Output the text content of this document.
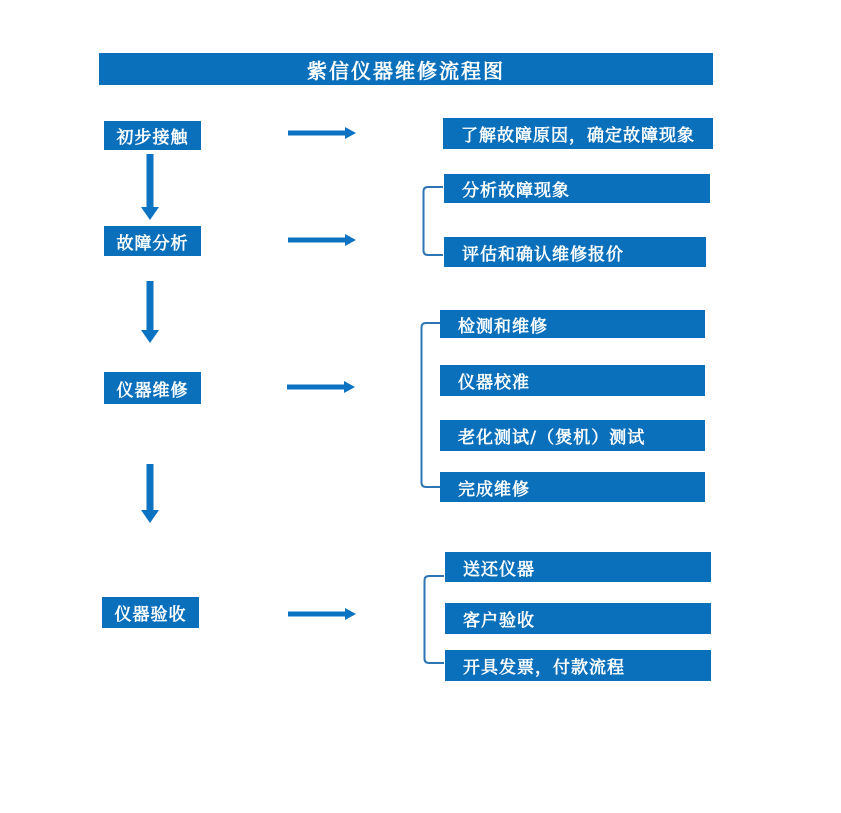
紫信仪器维修流程图
初步接触
故障分析
仪器维修
仪器验收
了解故障原因，确定故障现象
分析故障现象
评估和确认维修报价
检测和维修
仪器校准
老化测试/（煲机）测试
完成维修
送还仪器
客户验收
开具发票，付款流程
